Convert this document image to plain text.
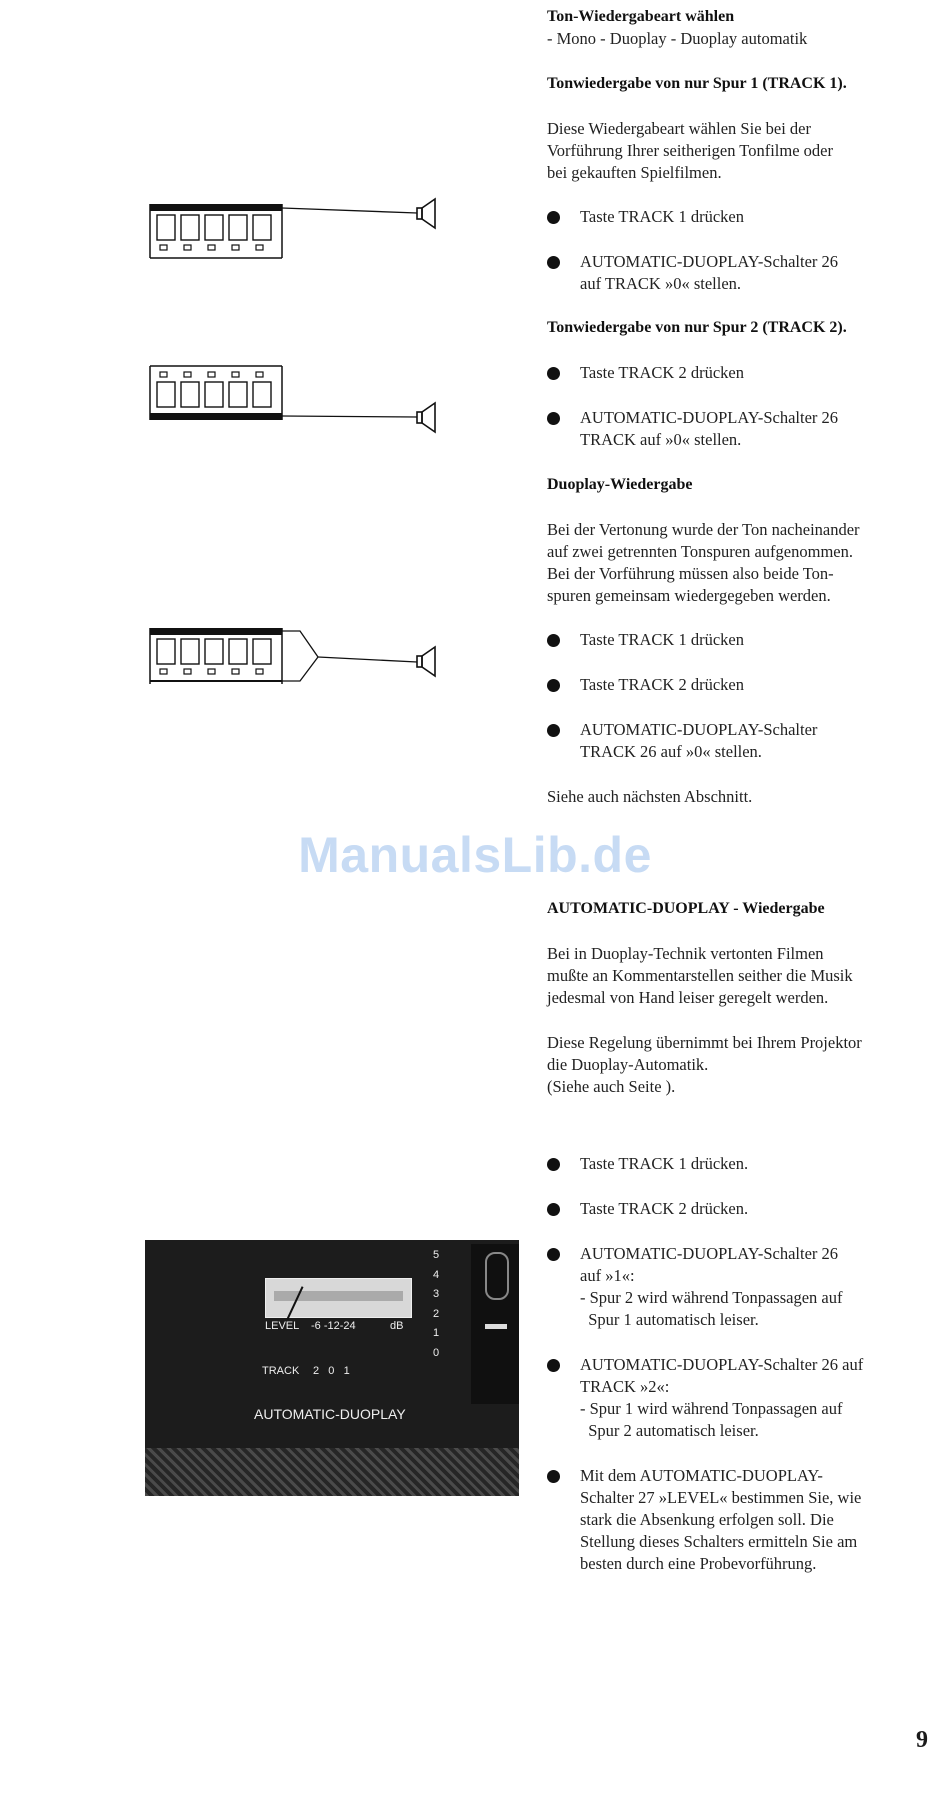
LEVEL -6 -12-24	dB
TRACK 2   0   1
AUTOMATIC-DUOPLAY
5
4
3
2
1
0
Ton-Wiedergabeart wählen
- Mono - Duoplay - Duoplay automatik
Tonwiedergabe von nur Spur 1 (TRACK 1).
Diese Wiedergabeart wählen Sie bei der
Vorführung Ihrer seitherigen Tonfilme oder
bei gekauften Spielfilmen.
Taste TRACK 1 drücken
AUTOMATIC-DUOPLAY-Schalter 26
auf TRACK »0« stellen.
Tonwiedergabe von nur Spur 2 (TRACK 2).
Taste TRACK 2 drücken
AUTOMATIC-DUOPLAY-Schalter 26
TRACK auf »0« stellen.
Duoplay-Wiedergabe
Bei der Vertonung wurde der Ton nacheinander
auf zwei getrennten Tonspuren aufgenommen.
Bei der Vorführung müssen also beide Ton-
spuren gemeinsam wiedergegeben werden.
Taste TRACK 1 drücken
Taste TRACK 2 drücken
AUTOMATIC-DUOPLAY-Schalter
TRACK 26 auf »0« stellen.
Siehe auch nächsten Abschnitt.
ManualsLib.de
AUTOMATIC-DUOPLAY - Wiedergabe
Bei in Duoplay-Technik vertonten Filmen
mußte an Kommentarstellen seither die Musik
jedesmal von Hand leiser geregelt werden.
Diese Regelung übernimmt bei Ihrem Projektor
die Duoplay-Automatik.
(Siehe auch Seite ).
Taste TRACK 1 drücken.
Taste TRACK 2 drücken.
AUTOMATIC-DUOPLAY-Schalter 26
auf »1«:
- Spur 2 wird während Tonpassagen auf
Spur 1 automatisch leiser.
AUTOMATIC-DUOPLAY-Schalter 26 auf
TRACK »2«:
- Spur 1 wird während Tonpassagen auf
Spur 2 automatisch leiser.
Mit dem AUTOMATIC-DUOPLAY-
Schalter 27 »LEVEL« bestimmen Sie, wie
stark die Absenkung erfolgen soll. Die
Stellung dieses Schalters ermitteln Sie am
besten durch eine Probevorführung.
9
